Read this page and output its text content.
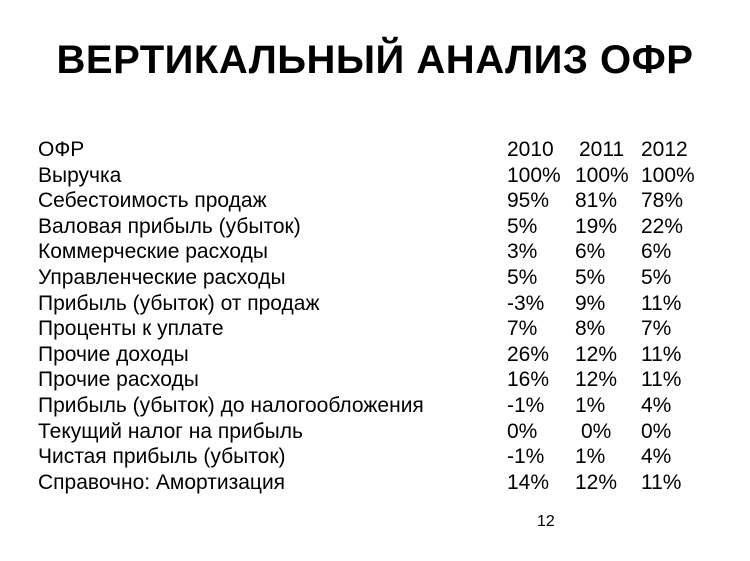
ВЕРТИКАЛЬНЫЙ АНАЛИЗ ОФР
ОФР	2010 2011 2012
Выручка	100% 100% 100%
Себестоимость продаж	95% 81% 78%
Валовая прибыль (убыток)	5% 19% 22%
Коммерческие расходы	3% 6% 6%
Управленческие расходы	5% 5% 5%
Прибыль (убыток) от продаж	-3% 9% 11%
Проценты к уплате	7% 8% 7%
Прочие доходы	26% 12% 11%
Прочие расходы	16% 12% 11%
Прибыль (убыток) до налогообложения	-1% 1% 4%
Текущий налог на прибыль	0% 0% 0%
Чистая прибыль (убыток)	-1% 1% 4%
Справочно: Амортизация	14% 12% 11%
12
